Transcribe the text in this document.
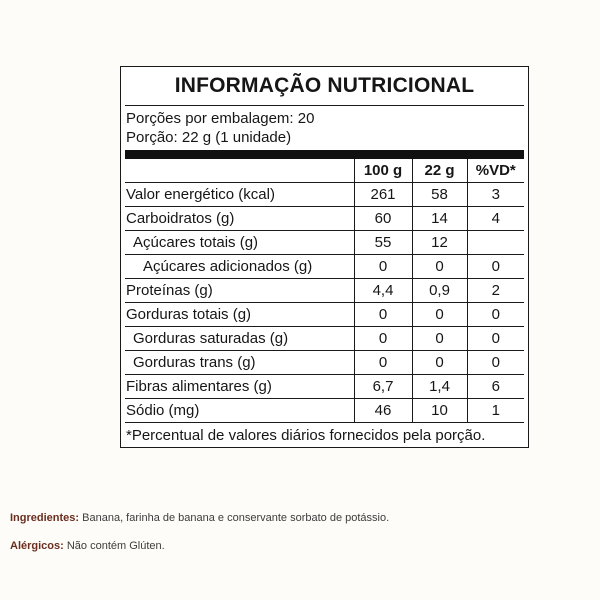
INFORMAÇÃO NUTRICIONAL
Porções por embalagem: 20
Porção: 22 g (1 unidade)
	100 g	22 g	%VD*
Valor energético (kcal)	261	58	3
Carboidratos (g)	60	14	4
Açúcares totais (g)	55	12	
Açúcares adicionados (g)	0	0	0
Proteínas (g)	4,4	0,9	2
Gorduras totais (g)	0	0	0
Gorduras saturadas (g)	0	0	0
Gorduras trans (g)	0	0	0
Fibras alimentares (g)	6,7	1,4	6
Sódio (mg)	46	10	1
*Percentual de valores diários fornecidos pela porção.
Ingredientes: Banana, farinha de banana e conservante sorbato de potássio.
Alérgicos: Não contém Glúten.
